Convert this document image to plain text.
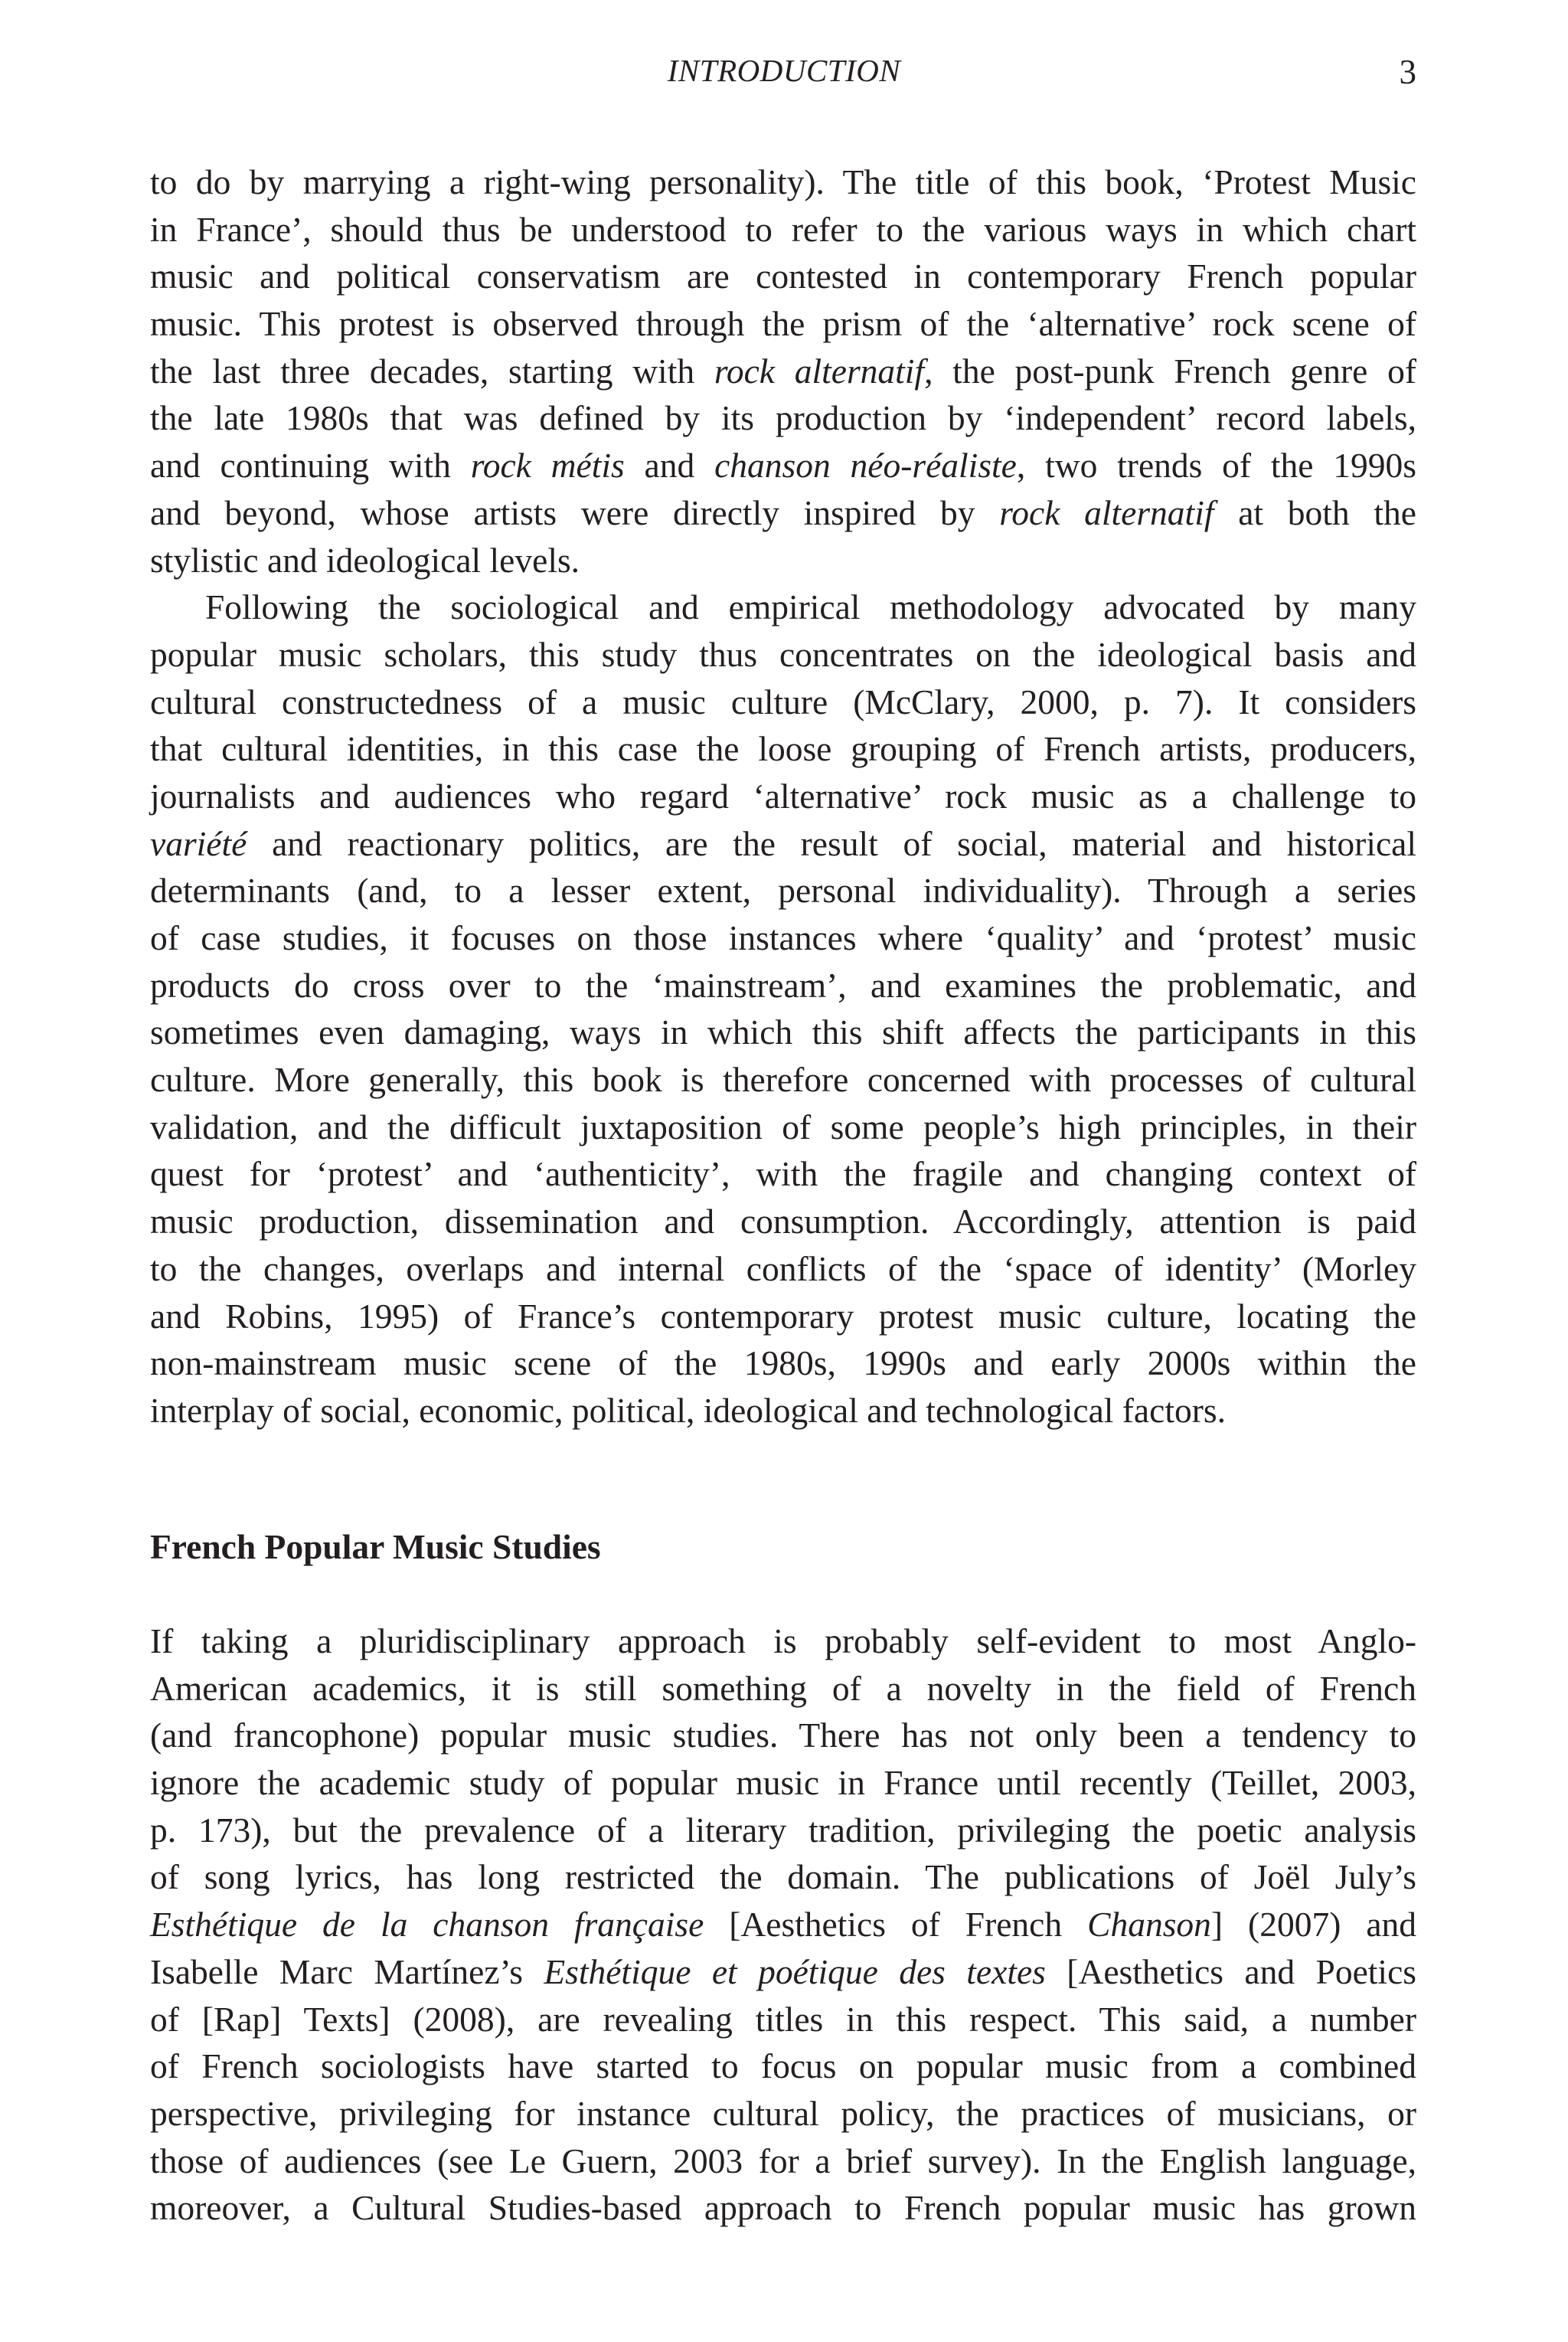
INTRODUCTION	3

to do by marrying a right-wing personality). The title of this book, ‘Protest Music
in France’, should thus be understood to refer to the various ways in which chart
music and political conservatism are contested in contemporary French popular
music. This protest is observed through the prism of the ‘alternative’ rock scene of
the last three decades, starting with rock alternatif, the post-punk French genre of
the late 1980s that was defined by its production by ‘independent’ record labels,
and continuing with rock métis and chanson néo-réaliste, two trends of the 1990s
and beyond, whose artists were directly inspired by rock alternatif at both the
stylistic and ideological levels.

Following the sociological and empirical methodology advocated by many
popular music scholars, this study thus concentrates on the ideological basis and
cultural constructedness of a music culture (McClary, 2000, p. 7). It considers
that cultural identities, in this case the loose grouping of French artists, producers,
journalists and audiences who regard ‘alternative’ rock music as a challenge to
variété and reactionary politics, are the result of social, material and historical
determinants (and, to a lesser extent, personal individuality). Through a series
of case studies, it focuses on those instances where ‘quality’ and ‘protest’ music
products do cross over to the ‘mainstream’, and examines the problematic, and
sometimes even damaging, ways in which this shift affects the participants in this
culture. More generally, this book is therefore concerned with processes of cultural
validation, and the difficult juxtaposition of some people’s high principles, in their
quest for ‘protest’ and ‘authenticity’, with the fragile and changing context of
music production, dissemination and consumption. Accordingly, attention is paid
to the changes, overlaps and internal conflicts of the ‘space of identity’ (Morley
and Robins, 1995) of France’s contemporary protest music culture, locating the
non-mainstream music scene of the 1980s, 1990s and early 2000s within the
interplay of social, economic, political, ideological and technological factors.

French Popular Music Studies

If taking a pluridisciplinary approach is probably self-evident to most Anglo-
American academics, it is still something of a novelty in the field of French
(and francophone) popular music studies. There has not only been a tendency to
ignore the academic study of popular music in France until recently (Teillet, 2003,
p. 173), but the prevalence of a literary tradition, privileging the poetic analysis
of song lyrics, has long restricted the domain. The publications of Joël July’s
Esthétique de la chanson française [Aesthetics of French Chanson] (2007) and
Isabelle Marc Martínez’s Esthétique et poétique des textes [Aesthetics and Poetics
of [Rap] Texts] (2008), are revealing titles in this respect. This said, a number
of French sociologists have started to focus on popular music from a combined
perspective, privileging for instance cultural policy, the practices of musicians, or
those of audiences (see Le Guern, 2003 for a brief survey). In the English language,
moreover, a Cultural Studies-based approach to French popular music has grown
